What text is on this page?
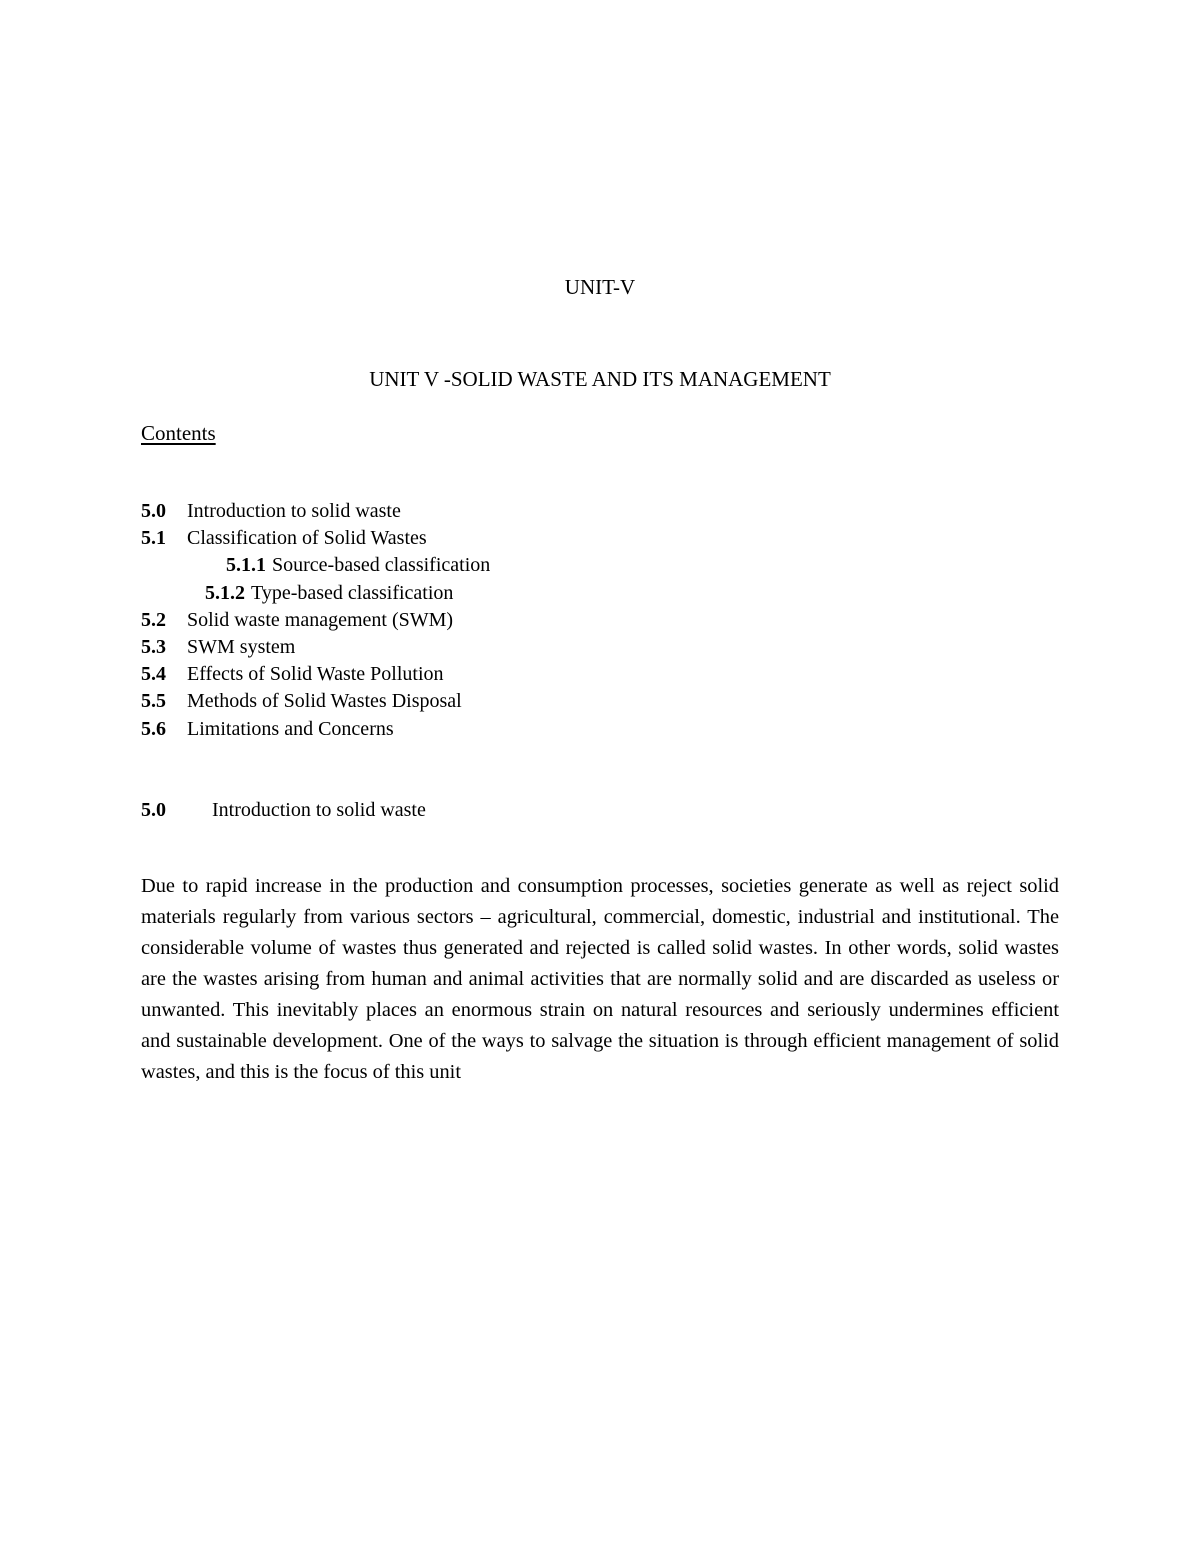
UNIT-V
UNIT V -SOLID WASTE AND ITS MANAGEMENT
Contents
5.0 Introduction to solid waste
5.1 Classification of Solid Wastes
5.1.1 Source-based classification
5.1.2 Type-based classification
5.2 Solid waste management (SWM)
5.3 SWM system
5.4 Effects of Solid Waste Pollution
5.5 Methods of Solid Wastes Disposal
5.6 Limitations and Concerns
5.0 Introduction to solid waste

Due to rapid increase in the production and consumption processes, societies generate as well as reject solid materials regularly from various sectors – agricultural, commercial, domestic, industrial and institutional. The considerable volume of wastes thus generated and rejected is called solid wastes. In other words, solid wastes are the wastes arising from human and animal activities that are normally solid and are discarded as useless or unwanted. This inevitably places an enormous strain on natural resources and seriously undermines efficient and sustainable development. One of the ways to salvage the situation is through efficient management of solid wastes, and this is the focus of this unit
